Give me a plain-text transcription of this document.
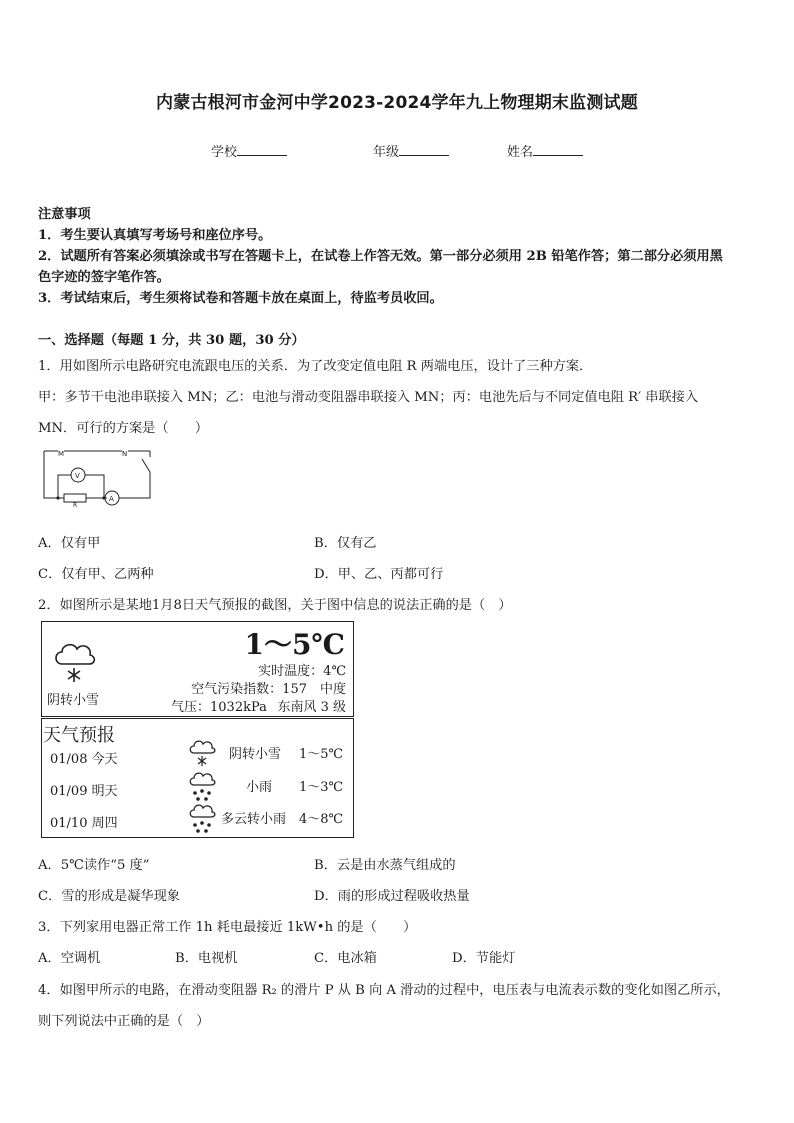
内蒙古根河市金河中学2023-2024学年九上物理期末监测试题
学校	年级	姓名
注意事项
1．考生要认真填写考场号和座位序号。
2．试题所有答案必须填涂或书写在答题卡上，在试卷上作答无效。第一部分必须用 2B 铅笔作答；第二部分必须用黑
色字迹的签字笔作答。
3．考试结束后，考生须将试卷和答题卡放在桌面上，待监考员收回。
一、选择题（每题 1 分，共 30 题，30 分）
1．用如图所示电路研究电流跟电压的关系．为了改变定值电阻 R 两端电压，设计了三种方案．
甲：多节干电池串联接入 MN；乙：电池与滑动变阻器串联接入 MN；丙：电池先后与不同定值电阻 R′ 串联接入
MN．可行的方案是（　　）
M	N
V
A
R
A．仅有甲	B．仅有乙
C．仅有甲、乙两种	D．甲、乙、丙都可行
2．如图所示是某地1月8日天气预报的截图，关于图中信息的说法正确的是（　）
1～5℃
阴转小雪
实时温度：4℃
空气污染指数：157　中度
气压：1032kPa 东南风 3 级
天气预报
01/08 今天	阴转小雪 1～5℃
01/09 明天	小雨 1～3℃
01/10 周四	多云转小雨 4～8℃
A．5℃读作“5 度”	B．云是由水蒸气组成的
C．雪的形成是凝华现象	D．雨的形成过程吸收热量
3．下列家用电器正常工作 1h 耗电最接近 1kW•h 的是（　　）
A．空调机	B．电视机	C．电冰箱	D．节能灯
4．如图甲所示的电路，在滑动变阻器 R₂ 的滑片 P 从 B 向 A 滑动的过程中，电压表与电流表示数的变化如图乙所示，
则下列说法中正确的是（　）
